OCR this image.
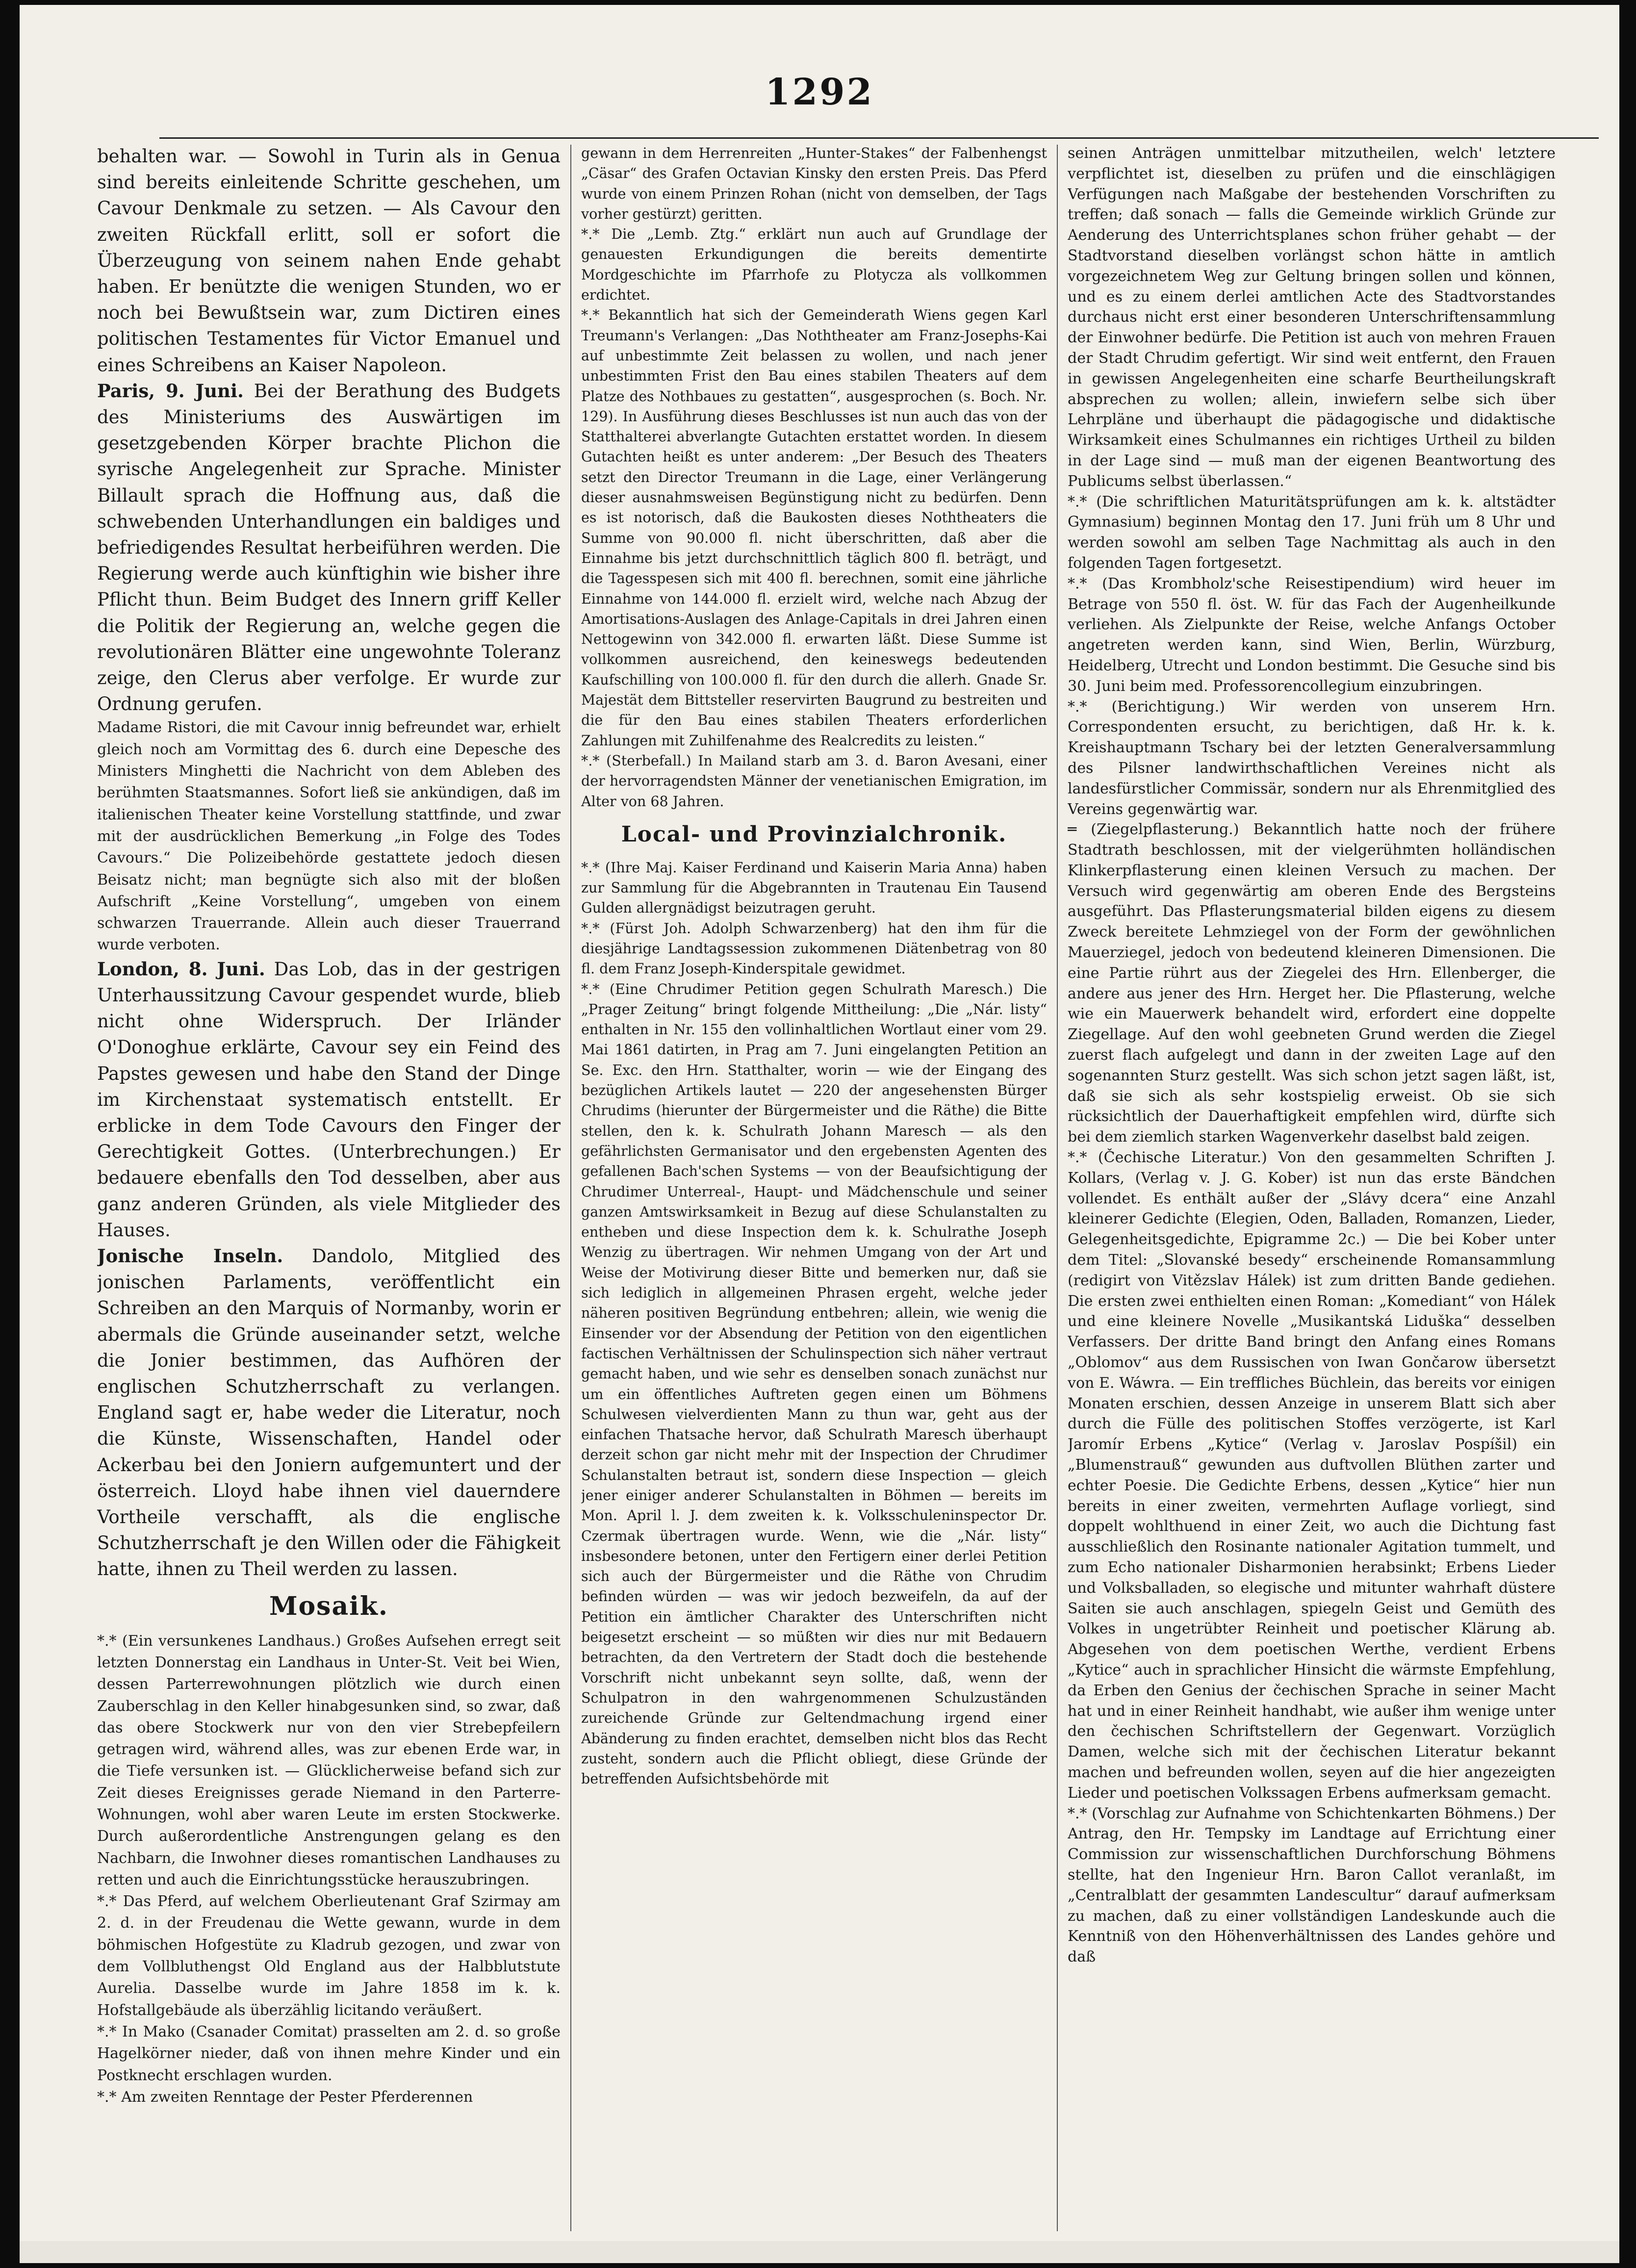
1292

behalten war. — Sowohl in Turin als in Genua sind bereits einleitende Schritte geschehen, um Cavour Denkmale zu setzen. — Als Cavour den zweiten Rückfall erlitt, soll er sofort die Überzeugung von seinem nahen Ende gehabt haben. Er benützte die wenigen Stunden, wo er noch bei Bewußtsein war, zum Dictiren eines politischen Testamentes für Victor Emanuel und eines Schreibens an Kaiser Napoleon.

Paris, 9. Juni. Bei der Berathung des Budgets des Ministeriums des Auswärtigen im gesetzgebenden Körper brachte Plichon die syrische Angelegenheit zur Sprache. Minister Billault sprach die Hoffnung aus, daß die schwebenden Unterhandlungen ein baldiges und befriedigendes Resultat herbeiführen werden. Die Regierung werde auch künftighin wie bisher ihre Pflicht thun. Beim Budget des Innern griff Keller die Politik der Regierung an, welche gegen die revolutionären Blätter eine ungewohnte Toleranz zeige, den Clerus aber verfolge. Er wurde zur Ordnung gerufen.

Madame Ristori, die mit Cavour innig befreundet war, erhielt gleich noch am Vormittag des 6. durch eine Depesche des Ministers Minghetti die Nachricht von dem Ableben des berühmten Staatsmannes. Sofort ließ sie ankündigen, daß im italienischen Theater keine Vorstellung stattfinde, und zwar mit der ausdrücklichen Bemerkung „in Folge des Todes Cavours.“ Die Polizeibehörde gestattete jedoch diesen Beisatz nicht; man begnügte sich also mit der bloßen Aufschrift „Keine Vorstellung“, umgeben von einem schwarzen Trauerrande. Allein auch dieser Trauerrand wurde verboten.

London, 8. Juni. Das Lob, das in der gestrigen Unterhaussitzung Cavour gespendet wurde, blieb nicht ohne Widerspruch. Der Irländer O'Donoghue erklärte, Cavour sey ein Feind des Papstes gewesen und habe den Stand der Dinge im Kirchenstaat systematisch entstellt. Er erblicke in dem Tode Cavours den Finger der Gerechtigkeit Gottes. (Unterbrechungen.) Er bedauere ebenfalls den Tod desselben, aber aus ganz anderen Gründen, als viele Mitglieder des Hauses.

Jonische Inseln. Dandolo, Mitglied des jonischen Parlaments, veröffentlicht ein Schreiben an den Marquis of Normanby, worin er abermals die Gründe auseinander setzt, welche die Jonier bestimmen, das Aufhören der englischen Schutzherrschaft zu verlangen. England sagt er, habe weder die Literatur, noch die Künste, Wissenschaften, Handel oder Ackerbau bei den Joniern aufgemuntert und der österreich. Lloyd habe ihnen viel dauerndere Vortheile verschafft, als die englische Schutzherrschaft je den Willen oder die Fähigkeit hatte, ihnen zu Theil werden zu lassen.

Mosaik.

*.* (Ein versunkenes Landhaus.) Großes Aufsehen erregt seit letzten Donnerstag ein Landhaus in Unter-St. Veit bei Wien, dessen Parterrewohnungen plötzlich wie durch einen Zauberschlag in den Keller hinabgesunken sind, so zwar, daß das obere Stockwerk nur von den vier Strebepfeilern getragen wird, während alles, was zur ebenen Erde war, in die Tiefe versunken ist. — Glücklicherweise befand sich zur Zeit dieses Ereignisses gerade Niemand in den Parterre-Wohnungen, wohl aber waren Leute im ersten Stockwerke. Durch außerordentliche Anstrengungen gelang es den Nachbarn, die Inwohner dieses romantischen Landhauses zu retten und auch die Einrichtungsstücke herauszubringen.

*.* Das Pferd, auf welchem Oberlieutenant Graf Szirmay am 2. d. in der Freudenau die Wette gewann, wurde in dem böhmischen Hofgestüte zu Kladrub gezogen, und zwar von dem Vollbluthengst Old England aus der Halbblutstute Aurelia. Dasselbe wurde im Jahre 1858 im k. k. Hofstallgebäude als überzählig licitando veräußert.

*.* In Mako (Csanader Comitat) prasselten am 2. d. so große Hagelkörner nieder, daß von ihnen mehre Kinder und ein Postknecht erschlagen wurden.

*.* Am zweiten Renntage der Pester Pferderennen

gewann in dem Herrenreiten „Hunter-Stakes“ der Falbenhengst „Cäsar“ des Grafen Octavian Kinsky den ersten Preis. Das Pferd wurde von einem Prinzen Rohan (nicht von demselben, der Tags vorher gestürzt) geritten.

*.* Die „Lemb. Ztg.“ erklärt nun auch auf Grundlage der genauesten Erkundigungen die bereits dementirte Mordgeschichte im Pfarrhofe zu Plotycza als vollkommen erdichtet.

*.* Bekanntlich hat sich der Gemeinderath Wiens gegen Karl Treumann's Verlangen: „Das Noththeater am Franz-Josephs-Kai auf unbestimmte Zeit belassen zu wollen, und nach jener unbestimmten Frist den Bau eines stabilen Theaters auf dem Platze des Nothbaues zu gestatten“, ausgesprochen (s. Boch. Nr. 129). In Ausführung dieses Beschlusses ist nun auch das von der Statthalterei abverlangte Gutachten erstattet worden. In diesem Gutachten heißt es unter anderem: „Der Besuch des Theaters setzt den Director Treumann in die Lage, einer Verlängerung dieser ausnahmsweisen Begünstigung nicht zu bedürfen. Denn es ist notorisch, daß die Baukosten dieses Noththeaters die Summe von 90.000 fl. nicht überschritten, daß aber die Einnahme bis jetzt durchschnittlich täglich 800 fl. beträgt, und die Tagesspesen sich mit 400 fl. berechnen, somit eine jährliche Einnahme von 144.000 fl. erzielt wird, welche nach Abzug der Amortisations-Auslagen des Anlage-Capitals in drei Jahren einen Nettogewinn von 342.000 fl. erwarten läßt. Diese Summe ist vollkommen ausreichend, den keineswegs bedeutenden Kaufschilling von 100.000 fl. für den durch die allerh. Gnade Sr. Majestät dem Bittsteller reservirten Baugrund zu bestreiten und die für den Bau eines stabilen Theaters erforderlichen Zahlungen mit Zuhilfenahme des Realcredits zu leisten.“

*.* (Sterbefall.) In Mailand starb am 3. d. Baron Avesani, einer der hervorragendsten Männer der venetianischen Emigration, im Alter von 68 Jahren.

Local- und Provinzialchronik.

*.* (Ihre Maj. Kaiser Ferdinand und Kaiserin Maria Anna) haben zur Sammlung für die Abgebrannten in Trautenau Ein Tausend Gulden allergnädigst beizutragen geruht.

*.* (Fürst Joh. Adolph Schwarzenberg) hat den ihm für die diesjährige Landtagssession zukommenen Diätenbetrag von 80 fl. dem Franz Joseph-Kinderspitale gewidmet.

*.* (Eine Chrudimer Petition gegen Schulrath Maresch.) Die „Prager Zeitung“ bringt folgende Mittheilung: „Die „Nár. listy“ enthalten in Nr. 155 den vollinhaltlichen Wortlaut einer vom 29. Mai 1861 datirten, in Prag am 7. Juni eingelangten Petition an Se. Exc. den Hrn. Statthalter, worin — wie der Eingang des bezüglichen Artikels lautet — 220 der angesehensten Bürger Chrudims (hierunter der Bürgermeister und die Räthe) die Bitte stellen, den k. k. Schulrath Johann Maresch — als den gefährlichsten Germanisator und den ergebensten Agenten des gefallenen Bach'schen Systems — von der Beaufsichtigung der Chrudimer Unterreal-, Haupt- und Mädchenschule und seiner ganzen Amtswirksamkeit in Bezug auf diese Schulanstalten zu entheben und diese Inspection dem k. k. Schulrathe Joseph Wenzig zu übertragen. Wir nehmen Umgang von der Art und Weise der Motivirung dieser Bitte und bemerken nur, daß sie sich lediglich in allgemeinen Phrasen ergeht, welche jeder näheren positiven Begründung entbehren; allein, wie wenig die Einsender vor der Absendung der Petition von den eigentlichen factischen Verhältnissen der Schulinspection sich näher vertraut gemacht haben, und wie sehr es denselben sonach zunächst nur um ein öffentliches Auftreten gegen einen um Böhmens Schulwesen vielverdienten Mann zu thun war, geht aus der einfachen Thatsache hervor, daß Schulrath Maresch überhaupt derzeit schon gar nicht mehr mit der Inspection der Chrudimer Schulanstalten betraut ist, sondern diese Inspection — gleich jener einiger anderer Schulanstalten in Böhmen — bereits im Mon. April l. J. dem zweiten k. k. Volksschuleninspector Dr. Czermak übertragen wurde. Wenn, wie die „Nár. listy“ insbesondere betonen, unter den Fertigern einer derlei Petition sich auch der Bürgermeister und die Räthe von Chrudim befinden würden — was wir jedoch bezweifeln, da auf der Petition ein ämtlicher Charakter des Unterschriften nicht beigesetzt erscheint — so müßten wir dies nur mit Bedauern betrachten, da den Vertretern der Stadt doch die bestehende Vorschrift nicht unbekannt seyn sollte, daß, wenn der Schulpatron in den wahrgenommenen Schulzuständen zureichende Gründe zur Geltendmachung irgend einer Abänderung zu finden erachtet, demselben nicht blos das Recht zusteht, sondern auch die Pflicht obliegt, diese Gründe der betreffenden Aufsichtsbehörde mit

seinen Anträgen unmittelbar mitzutheilen, welch' letztere verpflichtet ist, dieselben zu prüfen und die einschlägigen Verfügungen nach Maßgabe der bestehenden Vorschriften zu treffen; daß sonach — falls die Gemeinde wirklich Gründe zur Aenderung des Unterrichtsplanes schon früher gehabt — der Stadtvorstand dieselben vorlängst schon hätte in amtlich vorgezeichnetem Weg zur Geltung bringen sollen und können, und es zu einem derlei amtlichen Acte des Stadtvorstandes durchaus nicht erst einer besonderen Unterschriftensammlung der Einwohner bedürfe. Die Petition ist auch von mehren Frauen der Stadt Chrudim gefertigt. Wir sind weit entfernt, den Frauen in gewissen Angelegenheiten eine scharfe Beurtheilungskraft absprechen zu wollen; allein, inwiefern selbe sich über Lehrpläne und überhaupt die pädagogische und didaktische Wirksamkeit eines Schulmannes ein richtiges Urtheil zu bilden in der Lage sind — muß man der eigenen Beantwortung des Publicums selbst überlassen.“

*.* (Die schriftlichen Maturitätsprüfungen am k. k. altstädter Gymnasium) beginnen Montag den 17. Juni früh um 8 Uhr und werden sowohl am selben Tage Nachmittag als auch in den folgenden Tagen fortgesetzt.

*.* (Das Krombholz'sche Reisestipendium) wird heuer im Betrage von 550 fl. öst. W. für das Fach der Augenheilkunde verliehen. Als Zielpunkte der Reise, welche Anfangs October angetreten werden kann, sind Wien, Berlin, Würzburg, Heidelberg, Utrecht und London bestimmt. Die Gesuche sind bis 30. Juni beim med. Professorencollegium einzubringen.

*.* (Berichtigung.) Wir werden von unserem Hrn. Correspondenten ersucht, zu berichtigen, daß Hr. k. k. Kreishauptmann Tschary bei der letzten Generalversammlung des Pilsner landwirthschaftlichen Vereines nicht als landesfürstlicher Commissär, sondern nur als Ehrenmitglied des Vereins gegenwärtig war.

═ (Ziegelpflasterung.) Bekanntlich hatte noch der frühere Stadtrath beschlossen, mit der vielgerühmten holländischen Klinkerpflasterung einen kleinen Versuch zu machen. Der Versuch wird gegenwärtig am oberen Ende des Bergsteins ausgeführt. Das Pflasterungsmaterial bilden eigens zu diesem Zweck bereitete Lehmziegel von der Form der gewöhnlichen Mauerziegel, jedoch von bedeutend kleineren Dimensionen. Die eine Partie rührt aus der Ziegelei des Hrn. Ellenberger, die andere aus jener des Hrn. Herget her. Die Pflasterung, welche wie ein Mauerwerk behandelt wird, erfordert eine doppelte Ziegellage. Auf den wohl geebneten Grund werden die Ziegel zuerst flach aufgelegt und dann in der zweiten Lage auf den sogenannten Sturz gestellt. Was sich schon jetzt sagen läßt, ist, daß sie sich als sehr kostspielig erweist. Ob sie sich rücksichtlich der Dauerhaftigkeit empfehlen wird, dürfte sich bei dem ziemlich starken Wagenverkehr daselbst bald zeigen.

*.* (Čechische Literatur.) Von den gesammelten Schriften J. Kollars, (Verlag v. J. G. Kober) ist nun das erste Bändchen vollendet. Es enthält außer der „Slávy dcera“ eine Anzahl kleinerer Gedichte (Elegien, Oden, Balladen, Romanzen, Lieder, Gelegenheitsgedichte, Epigramme 2c.) — Die bei Kober unter dem Titel: „Slovanské besedy“ erscheinende Romansammlung (redigirt von Vitězslav Hálek) ist zum dritten Bande gediehen. Die ersten zwei enthielten einen Roman: „Komediant“ von Hálek und eine kleinere Novelle „Musikantská Liduška“ desselben Verfassers. Der dritte Band bringt den Anfang eines Romans „Oblomov“ aus dem Russischen von Iwan Gončarow übersetzt von E. Wáwra. — Ein treffliches Büchlein, das bereits vor einigen Monaten erschien, dessen Anzeige in unserem Blatt sich aber durch die Fülle des politischen Stoffes verzögerte, ist Karl Jaromír Erbens „Kytice“ (Verlag v. Jaroslav Pospíšil) ein „Blumenstrauß“ gewunden aus duftvollen Blüthen zarter und echter Poesie. Die Gedichte Erbens, dessen „Kytice“ hier nun bereits in einer zweiten, vermehrten Auflage vorliegt, sind doppelt wohlthuend in einer Zeit, wo auch die Dichtung fast ausschließlich den Rosinante nationaler Agitation tummelt, und zum Echo nationaler Disharmonien herabsinkt; Erbens Lieder und Volksballaden, so elegische und mitunter wahrhaft düstere Saiten sie auch anschlagen, spiegeln Geist und Gemüth des Volkes in ungetrübter Reinheit und poetischer Klärung ab. Abgesehen von dem poetischen Werthe, verdient Erbens „Kytice“ auch in sprachlicher Hinsicht die wärmste Empfehlung, da Erben den Genius der čechischen Sprache in seiner Macht hat und in einer Reinheit handhabt, wie außer ihm wenige unter den čechischen Schriftstellern der Gegenwart. Vorzüglich Damen, welche sich mit der čechischen Literatur bekannt machen und befreunden wollen, seyen auf die hier angezeigten Lieder und poetischen Volkssagen Erbens aufmerksam gemacht.

*.* (Vorschlag zur Aufnahme von Schichtenkarten Böhmens.) Der Antrag, den Hr. Tempsky im Landtage auf Errichtung einer Commission zur wissenschaftlichen Durchforschung Böhmens stellte, hat den Ingenieur Hrn. Baron Callot veranlaßt, im „Centralblatt der gesammten Landescultur“ darauf aufmerksam zu machen, daß zu einer vollständigen Landeskunde auch die Kenntniß von den Höhenverhältnissen des Landes gehöre und daß
